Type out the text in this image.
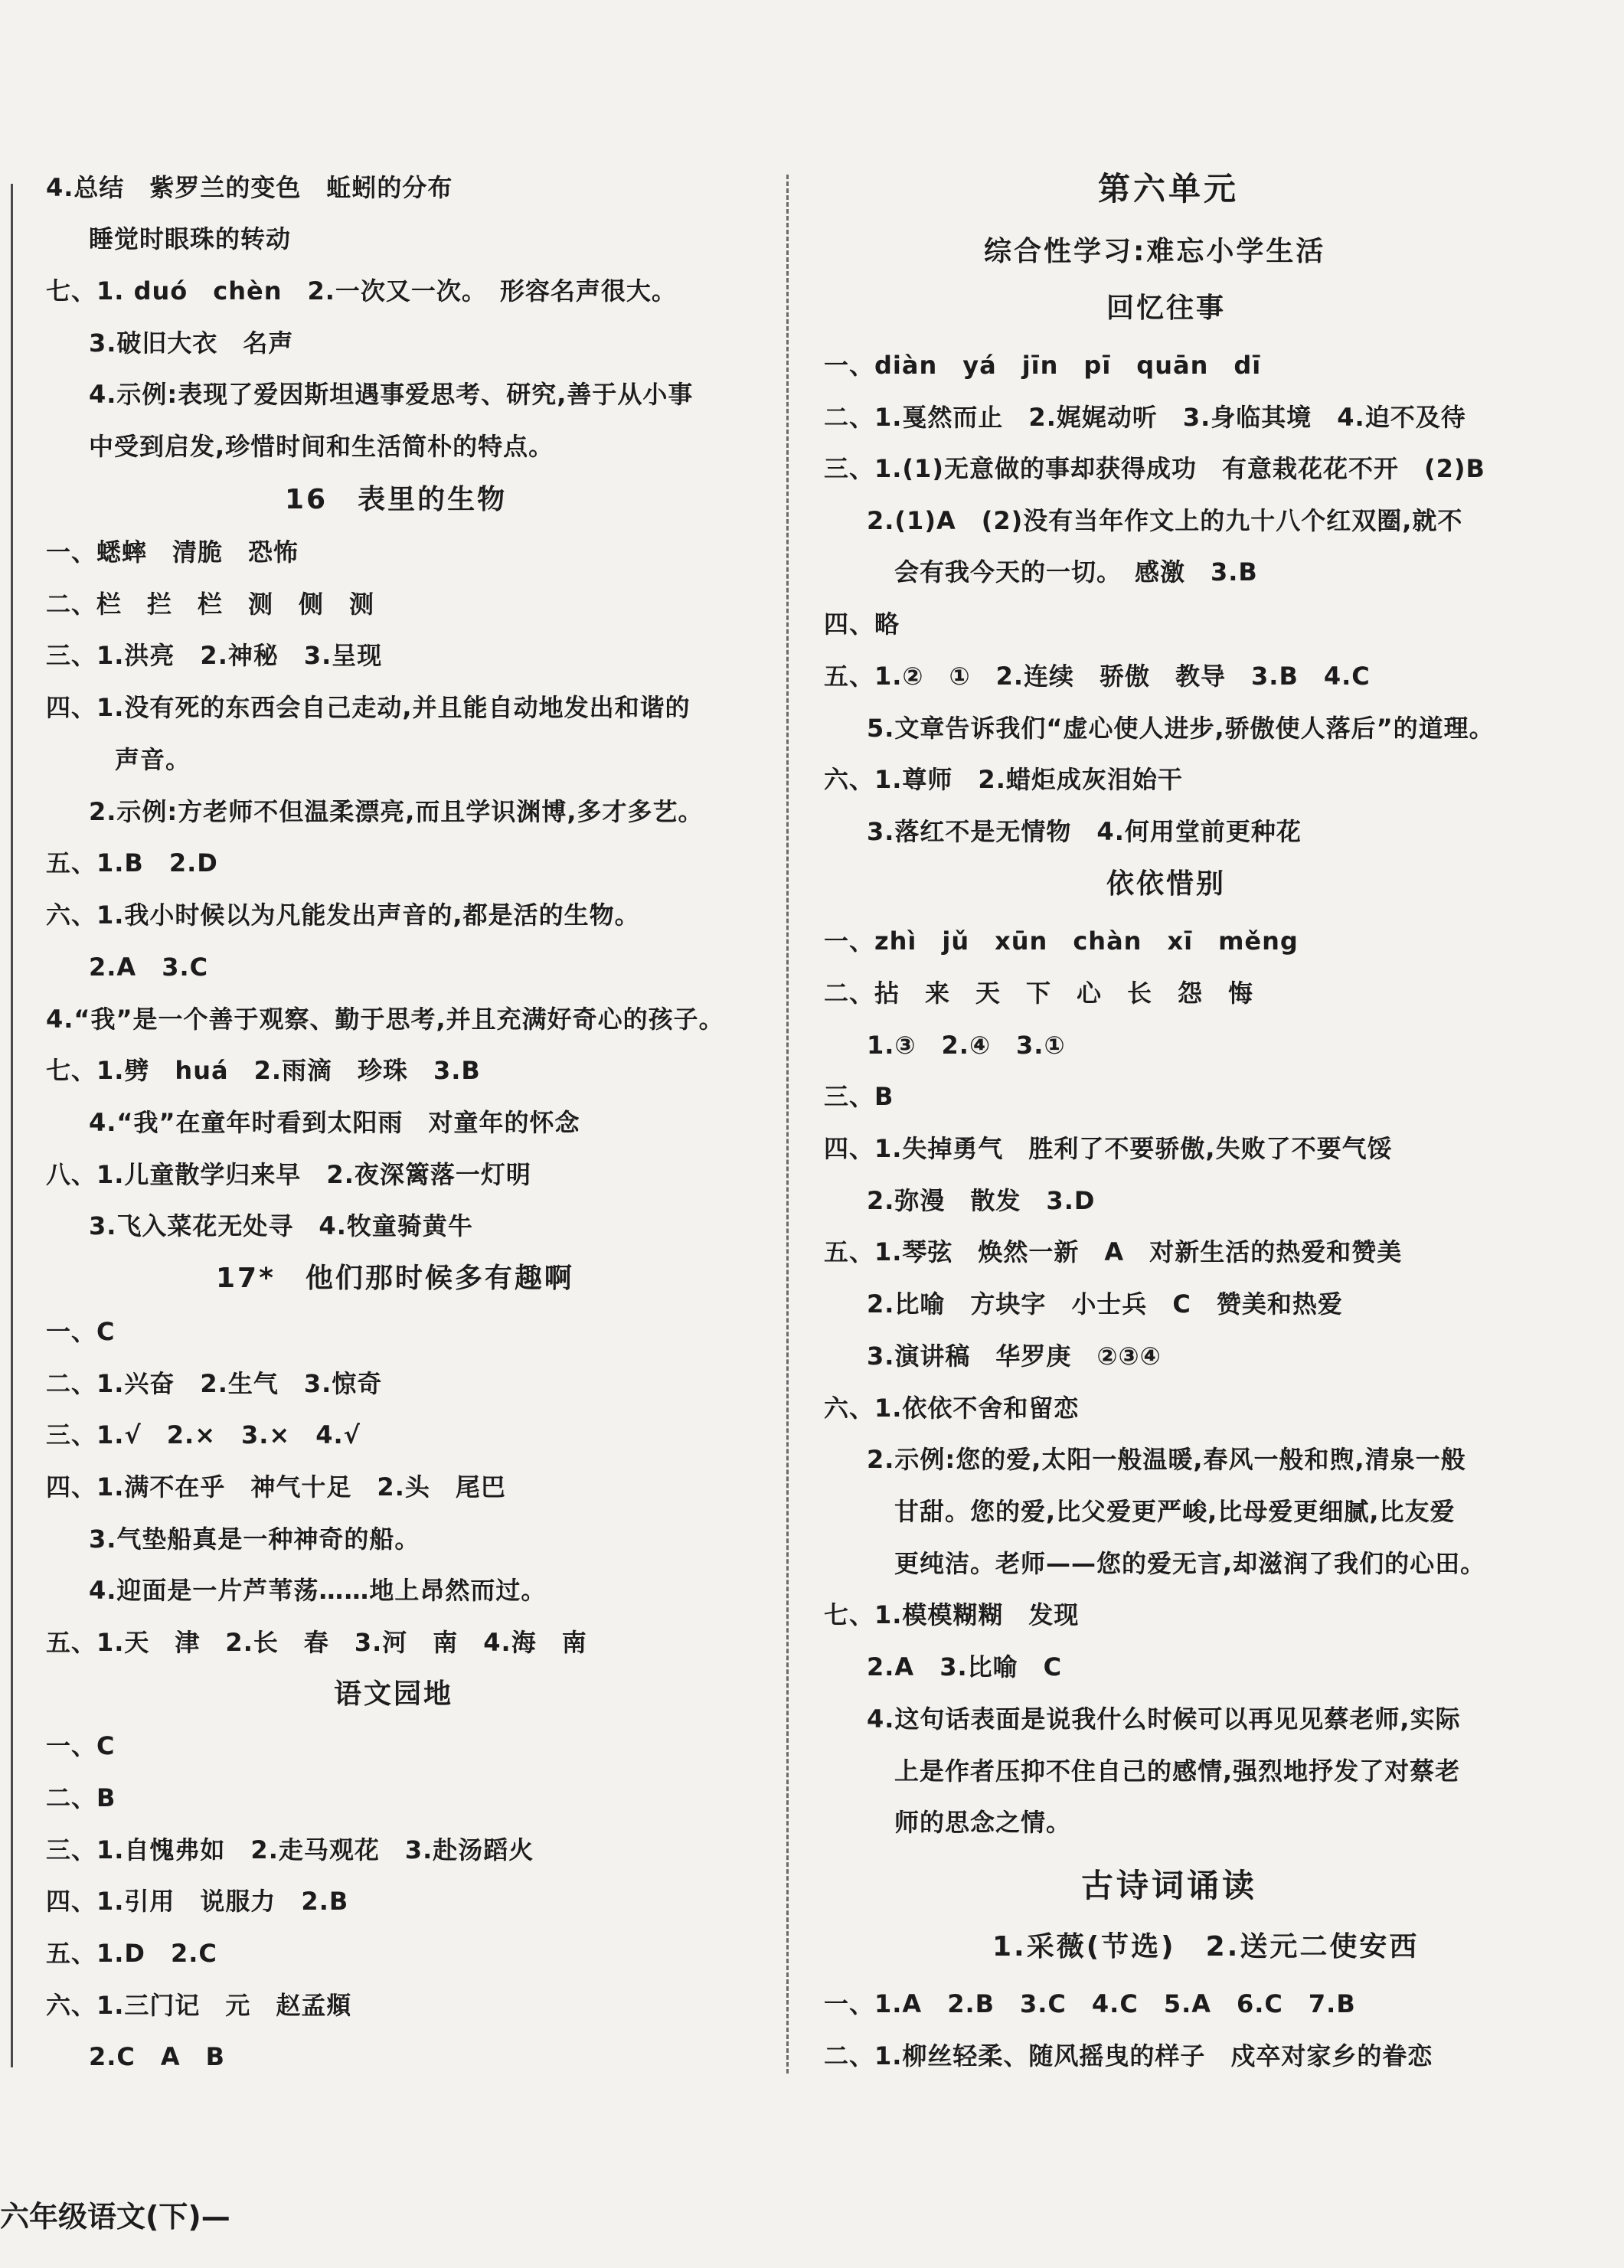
4.总结　紫罗兰的变色　蚯蚓的分布
睡觉时眼珠的转动
七、1. duó　chèn　2.一次又一次。　形容名声很大。
3.破旧大衣　名声
4.示例:表现了爱因斯坦遇事爱思考、研究,善于从小事
中受到启发,珍惜时间和生活简朴的特点。
16　表里的生物
一、蟋蟀　清脆　恐怖
二、栏　拦　栏　测　侧　测
三、1.洪亮　2.神秘　3.呈现
四、1.没有死的东西会自己走动,并且能自动地发出和谐的
声音。
2.示例:方老师不但温柔漂亮,而且学识渊博,多才多艺。
五、1.B　2.D
六、1.我小时候以为凡能发出声音的,都是活的生物。
2.A　3.C
4.“我”是一个善于观察、勤于思考,并且充满好奇心的孩子。
七、1.劈　huá　2.雨滴　珍珠　3.B
4.“我”在童年时看到太阳雨　对童年的怀念
八、1.儿童散学归来早　2.夜深篱落一灯明
3.飞入菜花无处寻　4.牧童骑黄牛
17*　他们那时候多有趣啊
一、C
二、1.兴奋　2.生气　3.惊奇
三、1.√　2.×　3.×　4.√
四、1.满不在乎　神气十足　2.头　尾巴
3.气垫船真是一种神奇的船。
4.迎面是一片芦苇荡……地上昂然而过。
五、1.天　津　2.长　春　3.河　南　4.海　南
语文园地
一、C
二、B
三、1.自愧弗如　2.走马观花　3.赴汤蹈火
四、1.引用　说服力　2.B
五、1.D　2.C
六、1.三门记　元　赵孟頫
2.C　A　B
第六单元
综合性学习:难忘小学生活
回忆往事
一、diàn　yá　jīn　pī　quān　dī
二、1.戛然而止　2.娓娓动听　3.身临其境　4.迫不及待
三、1.(1)无意做的事却获得成功　有意栽花花不开　(2)B
2.(1)A　(2)没有当年作文上的九十八个红双圈,就不
会有我今天的一切。　感激　3.B
四、略
五、1.②　①　2.连续　骄傲　教导　3.B　4.C
5.文章告诉我们“虚心使人进步,骄傲使人落后”的道理。
六、1.尊师　2.蜡炬成灰泪始干
3.落红不是无情物　4.何用堂前更种花
依依惜别
一、zhì　jǔ　xūn　chàn　xī　měng
二、拈　来　天　下　心　长　怨　悔
1.③　2.④　3.①
三、B
四、1.失掉勇气　胜利了不要骄傲,失败了不要气馁
2.弥漫　散发　3.D
五、1.琴弦　焕然一新　A　对新生活的热爱和赞美
2.比喻　方块字　小士兵　C　赞美和热爱
3.演讲稿　华罗庚　②③④
六、1.依依不舍和留恋
2.示例:您的爱,太阳一般温暖,春风一般和煦,清泉一般
甘甜。您的爱,比父爱更严峻,比母爱更细腻,比友爱
更纯洁。老师——您的爱无言,却滋润了我们的心田。
七、1.模模糊糊　发现
2.A　3.比喻　C
4.这句话表面是说我什么时候可以再见见蔡老师,实际
上是作者压抑不住自己的感情,强烈地抒发了对蔡老
师的思念之情。
古诗词诵读
1.采薇(节选)　2.送元二使安西
一、1.A　2.B　3.C　4.C　5.A　6.C　7.B
二、1.柳丝轻柔、随风摇曳的样子　戍卒对家乡的眷恋
六年级语文(下)—
